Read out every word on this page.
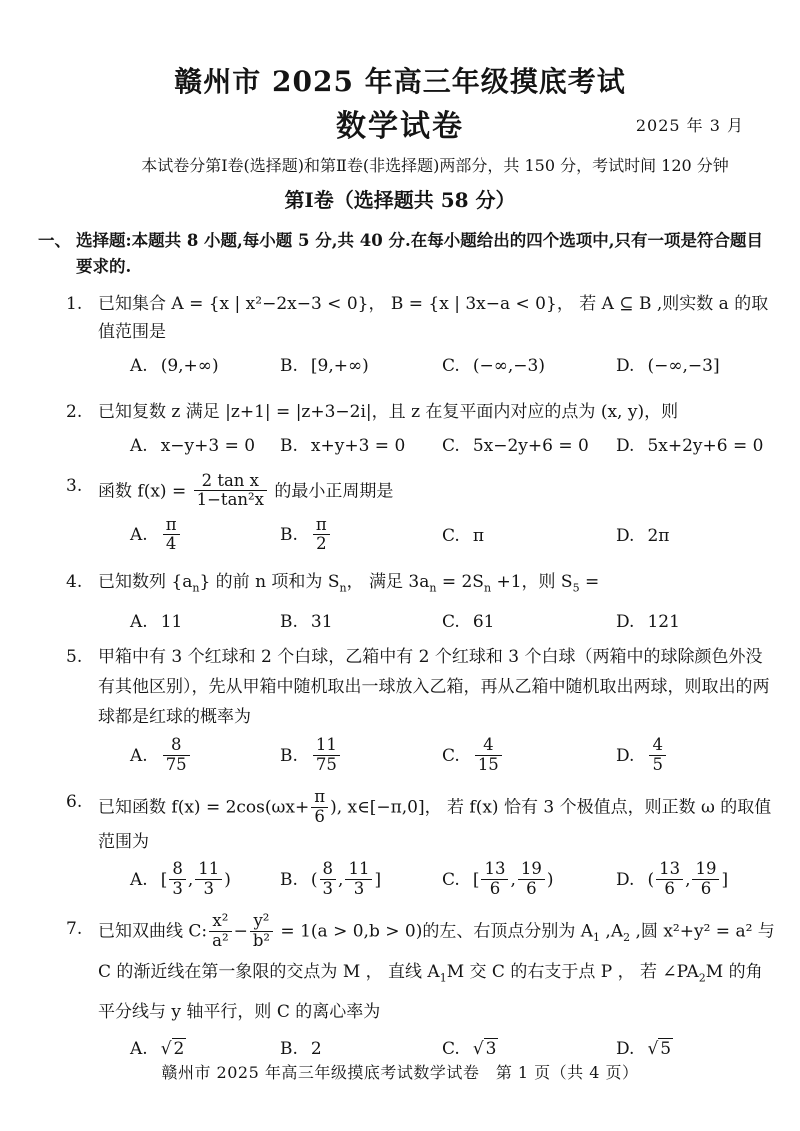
赣州市 2025 年高三年级摸底考试
数学试卷	2025 年 3 月
本试卷分第Ⅰ卷(选择题)和第Ⅱ卷(非选择题)两部分，共 150 分，考试时间 120 分钟
第Ⅰ卷（选择题共 58 分）
一、 选择题:本题共 8 小题,每小题 5 分,共 40 分.在每小题给出的四个选项中,只有一项是符合题目要求的.
1. 已知集合 A = {x | x²−2x−3 < 0}， B = {x | 3x−a < 0}， 若 A ⊆ B ,则实数 a 的取值范围是
A. (9,+∞)	B. [9,+∞)	C. (−∞,−3)	D. (−∞,−3]
2. 已知复数 z 满足 |z+1| = |z+3−2i|，且 z 在复平面内对应的点为 (x, y)，则
A. x−y+3 = 0	B. x+y+3 = 0	C. 5x−2y+6 = 0	D. 5x+2y+6 = 0
3. 函数 $f(x) = \frac{\text{2 tan x}}{\text{1−tan²x}}$ 的最小正周期是
A. $\frac{\pi}{4}$	B. $\frac{\pi}{2}$	C. π	D. 2π
4. 已知数列 $\{a_n\}$ 的前 n 项和为 $S_n$， 满足 $3a_n = 2S_n +1$，则 $S_5$ =
A. 11	B. 31	C. 61	D. 121
5. 甲箱中有 3 个红球和 2 个白球，乙箱中有 2 个红球和 3 个白球（两箱中的球除颜色外没有其他区别），先从甲箱中随机取出一球放入乙箱，再从乙箱中随机取出两球，则取出的两球都是红球的概率为
A. $\frac{8}{75}$	B. $\frac{11}{75}$	C. $\frac{4}{15}$	D. $\frac{4}{5}$
6. 已知函数 $f(x) = 2\cos(\omega x+ \frac{\pi}{6}$ ), x∈[−π,0]， 若 f(x) 恰有 3 个极值点，则正数 ω 的取值范围为
A. [ $\frac{8}{3}$ , $\frac{11}{3}$ )	B. ( $\frac{8}{3}$ , $\frac{11}{3}$ ]	C. [ $\frac{13}{6}$ , $\frac{19}{6}$ )	D. ( $\frac{13}{6}$ , $\frac{19}{6}$ ]
7. 已知双曲线 C: $\frac{\text{x²}}{\text{a²}} - \frac{\text{y²}}{\text{b²}} = 1(a > 0,b > 0)$的左、右顶点分别为 $A_1$ $,A_2$ ,圆 x²+y² = a² 与 C 的渐近线在第一象限的交点为 M ， 直线 $A_1M$ 交 C 的右支于点 P ， 若 $\angle PA_2M$ 的角平分线与 y 轴平行，则 C 的离心率为
A. √ 2	B. 2	C. √ 3	D. √ 5
赣州市 2025 年高三年级摸底考试数学试卷　第 1 页（共 4 页）
